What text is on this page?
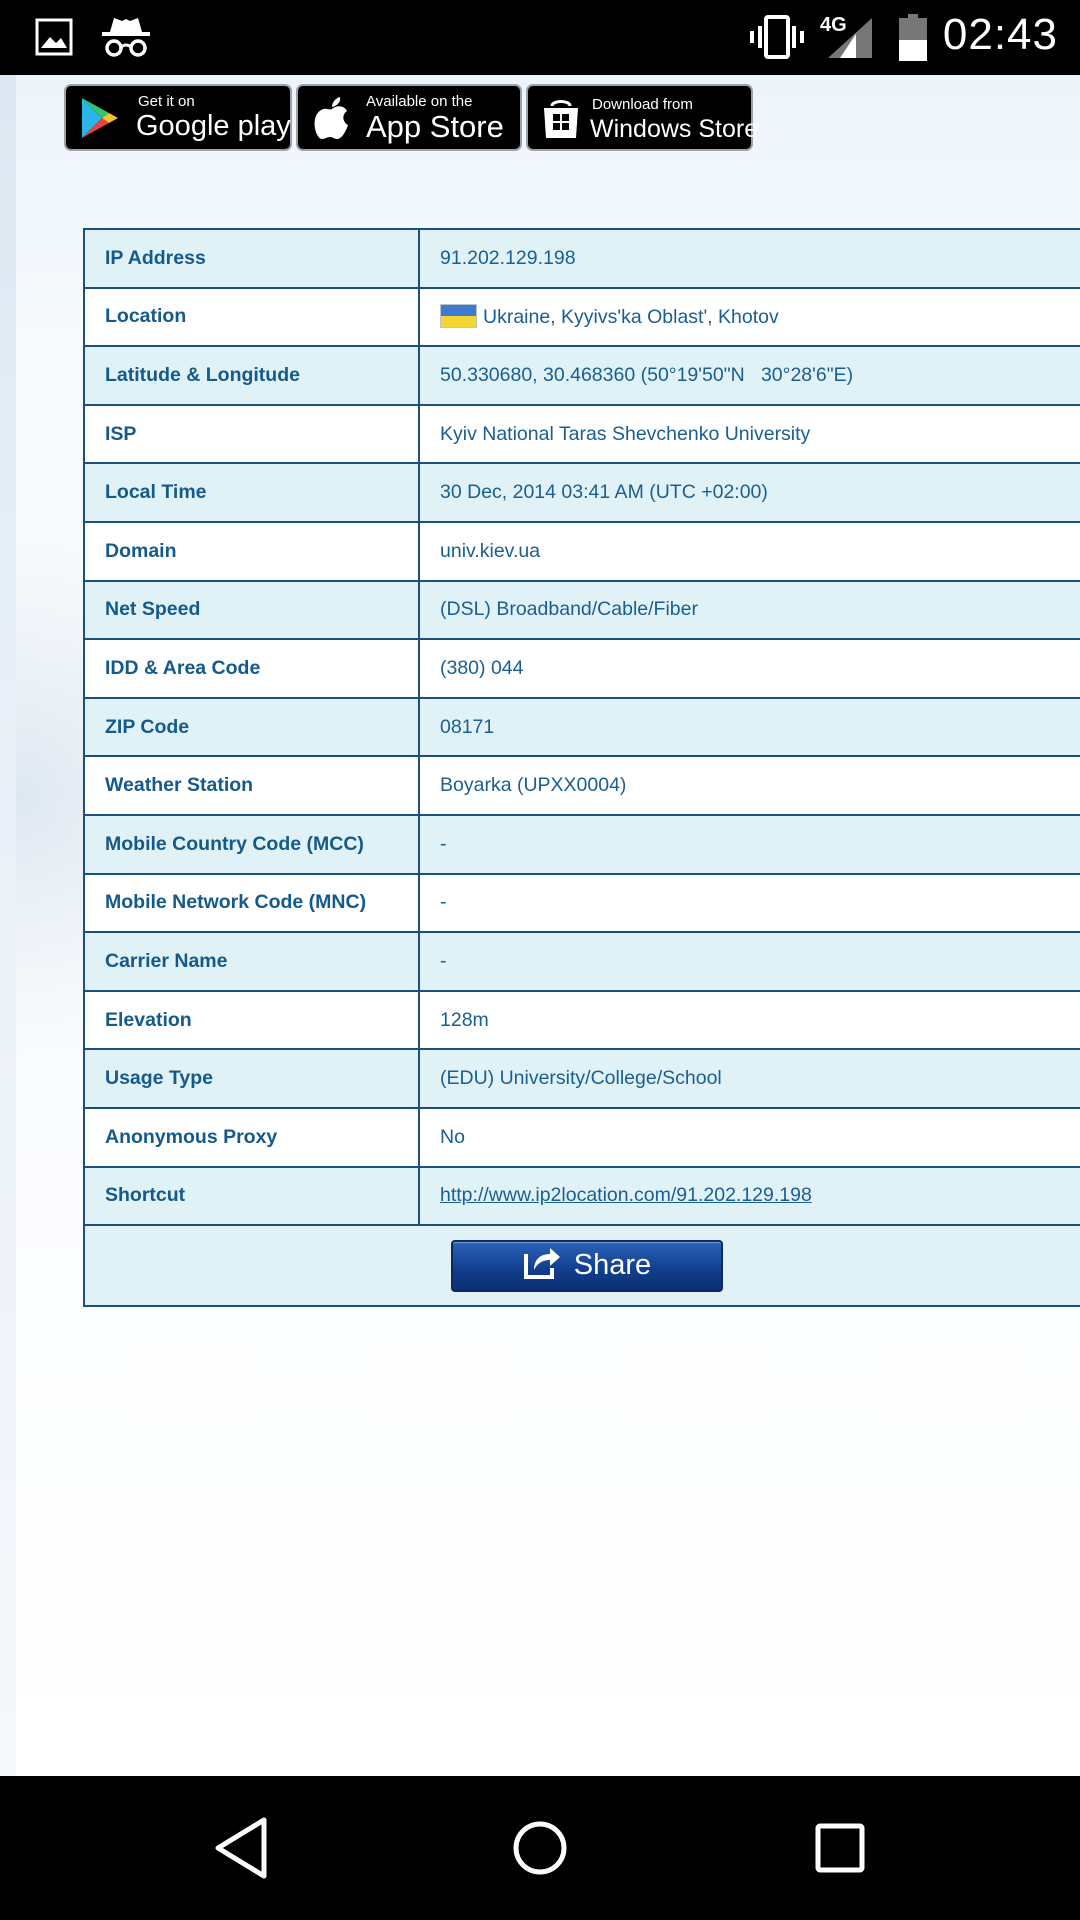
4G 02:43
Get it on
Google play
Available on the
App Store
Download from
Windows Store
IP Address	91.202.129.198
Location	Ukraine, Kyyivs'ka Oblast', Khotov
Latitude & Longitude	50.330680, 30.468360 (50°19'50"N   30°28'6"E)
ISP	Kyiv National Taras Shevchenko University
Local Time	30 Dec, 2014 03:41 AM (UTC +02:00)
Domain	univ.kiev.ua
Net Speed	(DSL) Broadband/Cable/Fiber
IDD & Area Code	(380) 044
ZIP Code	08171
Weather Station	Boyarka (UPXX0004)
Mobile Country Code (MCC)	-
Mobile Network Code (MNC)	-
Carrier Name	-
Elevation	128m
Usage Type	(EDU) University/College/School
Anonymous Proxy	No
Shortcut	http://www.ip2location.com/91.202.129.198

Share	
